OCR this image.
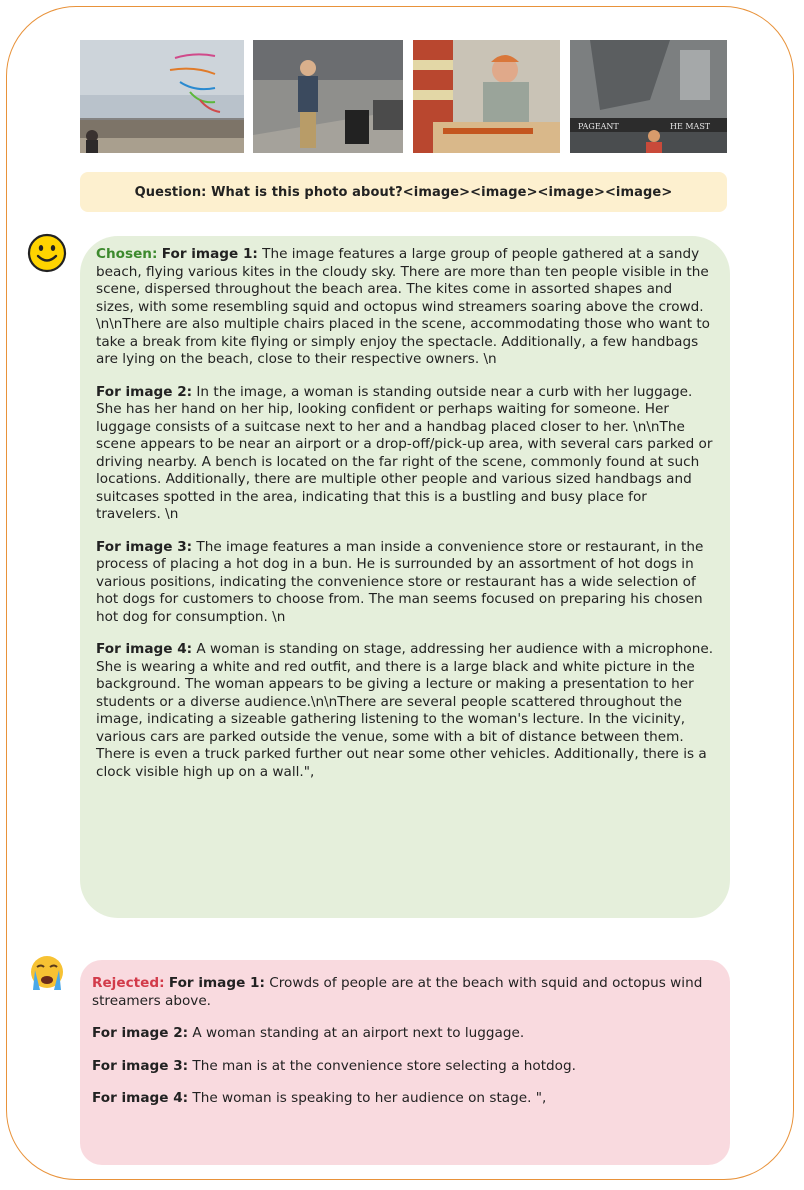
PAGEANT	HE MAST
Question: What is this photo about?<image><image><image><image>

Chosen: For image 1: The image features a large group of people gathered at a sandy beach, flying various kites in the cloudy sky. There are more than ten people visible in the scene, dispersed throughout the beach area. The kites come in assorted shapes and sizes, with some resembling squid and octopus wind streamers soaring above the crowd. \n\nThere are also multiple chairs placed in the scene, accommodating those who want to take a break from kite flying or simply enjoy the spectacle. Additionally, a few handbags are lying on the beach, close to their respective owners. \n

For image 2: In the image, a woman is standing outside near a curb with her luggage. She has her hand on her hip, looking confident or perhaps waiting for someone. Her luggage consists of a suitcase next to her and a handbag placed closer to her. \n\nThe scene appears to be near an airport or a drop-off/pick-up area, with several cars parked or driving nearby. A bench is located on the far right of the scene, commonly found at such locations. Additionally, there are multiple other people and various sized handbags and suitcases spotted in the area, indicating that this is a bustling and busy place for travelers. \n

For image 3: The image features a man inside a convenience store or restaurant, in the process of placing a hot dog in a bun. He is surrounded by an assortment of hot dogs in various positions, indicating the convenience store or restaurant has a wide selection of hot dogs for customers to choose from. The man seems focused on preparing his chosen hot dog for consumption. \n

For image 4: A woman is standing on stage, addressing her audience with a microphone. She is wearing a white and red outfit, and there is a large black and white picture in the background. The woman appears to be giving a lecture or making a presentation to her students or a diverse audience.\n\nThere are several people scattered throughout the image, indicating a sizeable gathering listening to the woman's lecture. In the vicinity, various cars are parked outside the venue, some with a bit of distance between them. There is even a truck parked further out near some other vehicles. Additionally, there is a clock visible high up on a wall.",

Rejected: For image 1: Crowds of people are at the beach with squid and octopus wind streamers above.

For image 2: A woman standing at an airport next to luggage.

For image 3: The man is at the convenience store selecting a hotdog.

For image 4: The woman is speaking to her audience on stage. ",
